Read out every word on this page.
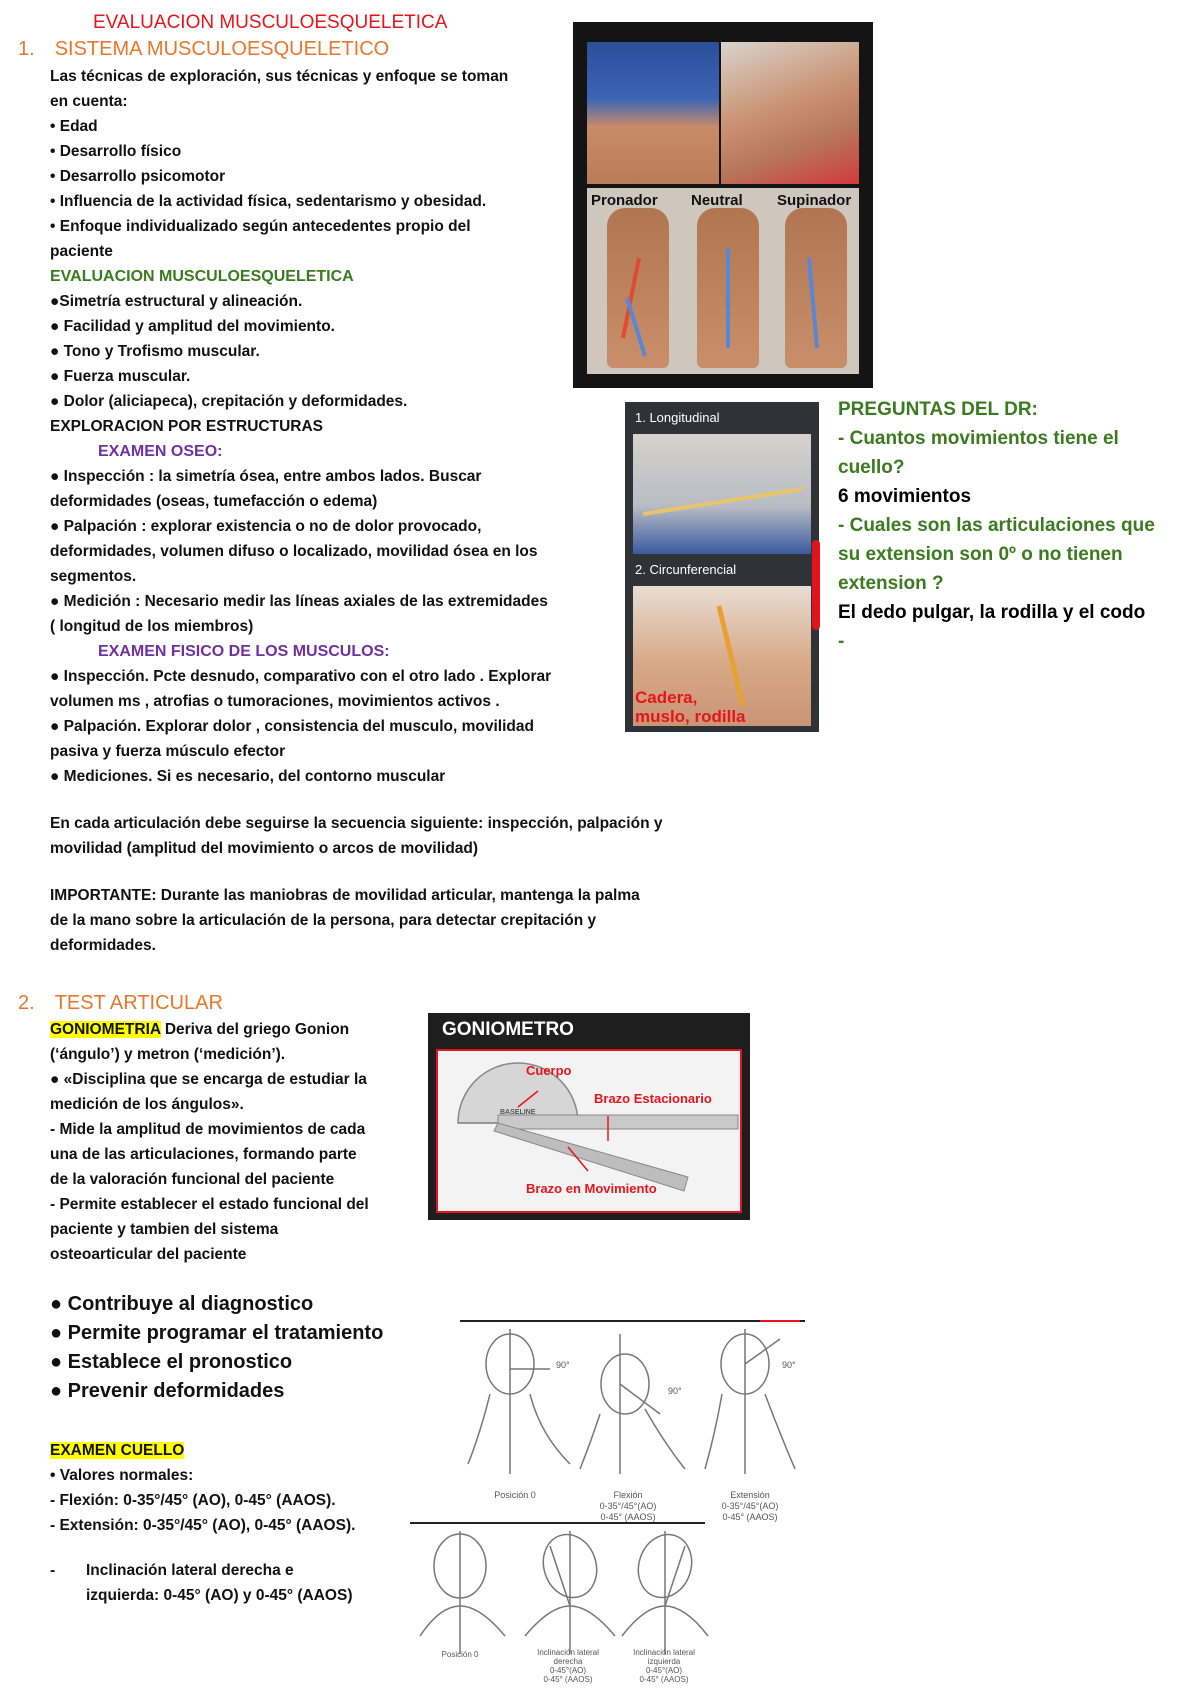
EVALUACION MUSCULOESQUELETICA
1. SISTEMA MUSCULOESQUELETICO
Las técnicas de exploración, sus técnicas y enfoque se toman
en cuenta:
• Edad
• Desarrollo físico
• Desarrollo psicomotor
• Influencia de la actividad física, sedentarismo y obesidad.
• Enfoque individualizado según antecedentes propio del
paciente
EVALUACION MUSCULOESQUELETICA
●Simetría estructural y alineación.
● Facilidad y amplitud del movimiento.
● Tono y Trofismo muscular.
● Fuerza muscular.
● Dolor (aliciapeca), crepitación y deformidades.
EXPLORACION POR ESTRUCTURAS
EXAMEN OSEO:
● Inspección : la simetría ósea, entre ambos lados. Buscar
deformidades (oseas, tumefacción o edema)
● Palpación : explorar existencia o no de dolor provocado,
deformidades, volumen difuso o localizado, movilidad ósea en los
segmentos.
● Medición : Necesario medir las líneas axiales de las extremidades
( longitud de los miembros)
EXAMEN FISICO DE LOS MUSCULOS:
● Inspección. Pcte desnudo, comparativo con el otro lado . Explorar
volumen ms , atrofias o tumoraciones, movimientos activos .
● Palpación. Explorar dolor , consistencia del musculo, movilidad
pasiva y fuerza músculo efector
● Mediciones. Si es necesario, del contorno muscular
En cada articulación debe seguirse la secuencia siguiente: inspección, palpación y
movilidad (amplitud del movimiento o arcos de movilidad)
IMPORTANTE: Durante las maniobras de movilidad articular, mantenga la palma
de la mano sobre la articulación de la persona, para detectar crepitación y
deformidades.
Pronador Neutral Supinador
1. Longitudinal
2. Circunferencial
Cadera,
muslo, rodilla
PREGUNTAS DEL DR:
- Cuantos movimientos tiene el
cuello?
6 movimientos
- Cuales son las articulaciones que
su extension son 0º o no tienen
extension ?
El dedo pulgar, la rodilla y el codo
-
2. TEST ARTICULAR
GONIOMETRIA Deriva del griego Gonion
(‘ángulo’) y metron (‘medición’).
● «Disciplina que se encarga de estudiar la
medición de los ángulos».
- Mide la amplitud de movimientos de cada
una de las articulaciones, formando parte
de la valoración funcional del paciente
- Permite establecer el estado funcional del
paciente y tambien del sistema
osteoarticular del paciente
● Contribuye al diagnostico
● Permite programar el tratamiento
● Establece el pronostico
● Prevenir deformidades
EXAMEN CUELLO
• Valores normales:
- Flexión: 0-35°/45° (AO), 0-45° (AAOS).
- Extensión: 0-35°/45° (AO), 0-45° (AAOS).
- Inclinación lateral derecha e
izquierda: 0-45° (AO) y 0-45° (AAOS)
GONIOMETRO
Cuerpo
Brazo Estacionario
Brazo en Movimiento
BASELINE
90°
90°
90°
Posición 0	Flexión
0-35°/45°(AO)
0-45° (AAOS)
Extensión
0-35°/45°(AO)
0-45° (AAOS)
Posición 0	Inclinación lateral
derecha
0-45°(AO)
0-45° (AAOS)
Inclinación lateral
izquierda
0-45°(AO)
0-45° (AAOS)
